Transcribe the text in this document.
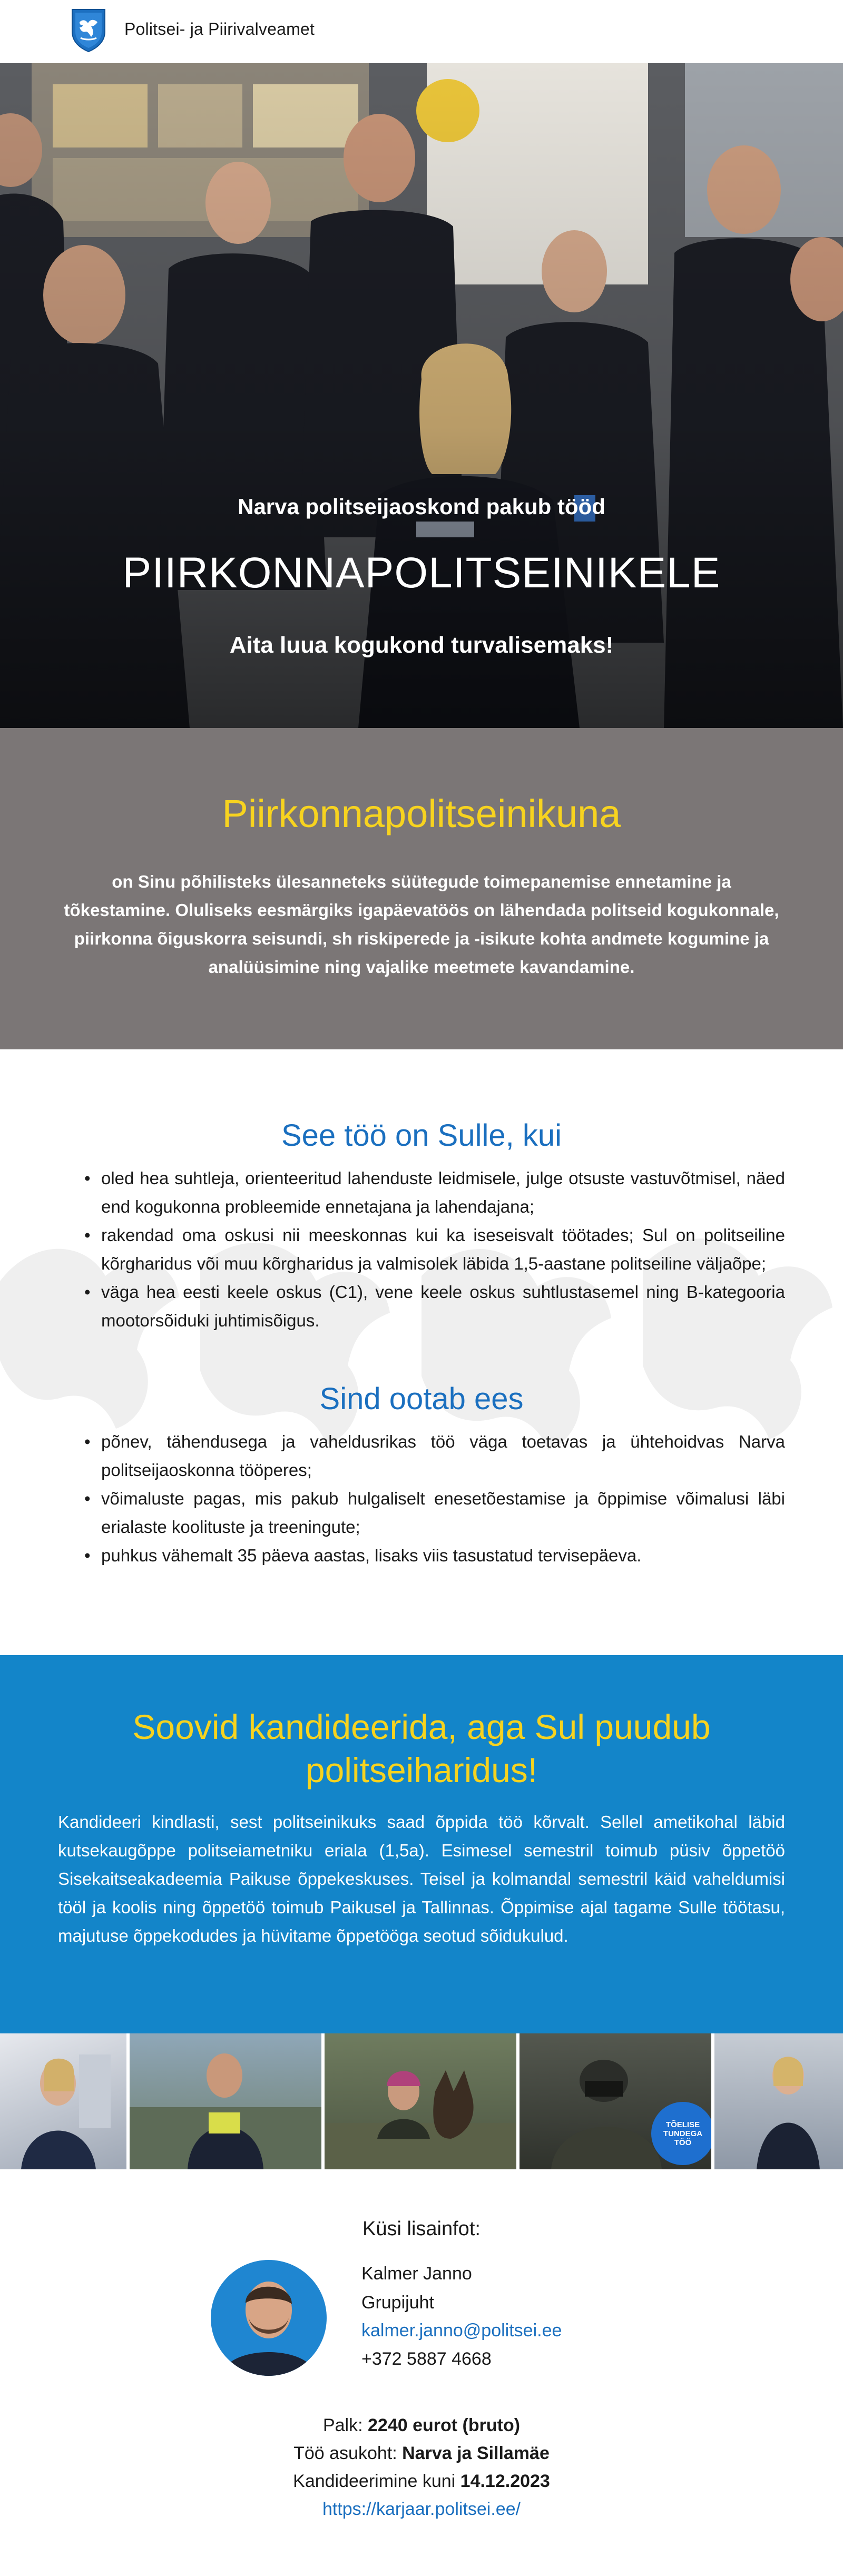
Politsei- ja Piirivalveamet
Narva politseijaoskond pakub tööd
PIIRKONNAPOLITSEINIKELE
Aita luua kogukond turvalisemaks!
Piirkonnapolitseinikuna

on Sinu põhilisteks ülesanneteks süütegude toimepanemise ennetamine ja tõkestamine. Oluliseks eesmärgiks igapäevatöös on lähendada politseid kogukonnale, piirkonna õiguskorra seisundi, sh riskiperede ja -isikute kohta andmete kogumine ja analüüsimine ning vajalike meetmete kavandamine.

See töö on Sulle, kui
• oled hea suhtleja, orienteeritud lahenduste leidmisele, julge otsuste vastuvõtmisel, näed end kogukonna probleemide ennetajana ja lahendajana;
• rakendad oma oskusi nii meeskonnas kui ka iseseisvalt töötades; Sul on politseiline kõrgharidus või muu kõrgharidus ja valmisolek läbida 1,5-aastane politseiline väljaõpe;
• väga hea eesti keele oskus (C1), vene keele oskus suhtlustasemel ning B-kategooria mootorsõiduki juhtimisõigus.
Sind ootab ees
• põnev, tähendusega ja vaheldusrikas töö väga toetavas ja ühtehoidvas Narva politseijaoskonna tööperes;
• võimaluste pagas, mis pakub hulgaliselt enesetõestamise ja õppimise võimalusi läbi erialaste koolituste ja treeningute;
• puhkus vähemalt 35 päeva aastas, lisaks viis tasustatud tervisepäeva.
Soovid kandideerida, aga Sul puudub politseiharidus!

Kandideeri kindlasti, sest politseinikuks saad õppida töö kõrvalt. Sellel ametikohal läbid kutsekaugõppe politseiametniku eriala (1,5a). Esimesel semestril toimub püsiv õppetöö Sisekaitseakadeemia Paikuse õppekeskuses. Teisel ja kolmandal semestril käid vaheldumisi tööl ja koolis ning õppetöö toimub Paikusel ja Tallinnas. Õppimise ajal tagame Sulle töötasu, majutuse õppekodudes ja hüvitame õppetööga seotud sõidukulud.

TÕELISE
TUNDEGA
TÖÖ
Küsi lisainfot:
Kalmer Janno
Grupijuht
kalmer.janno@politsei.ee
+372 5887 4668
Palk: 2240 eurot (bruto)
Töö asukoht: Narva ja Sillamäe
Kandideerimine kuni 14.12.2023
https://karjaar.politsei.ee/
